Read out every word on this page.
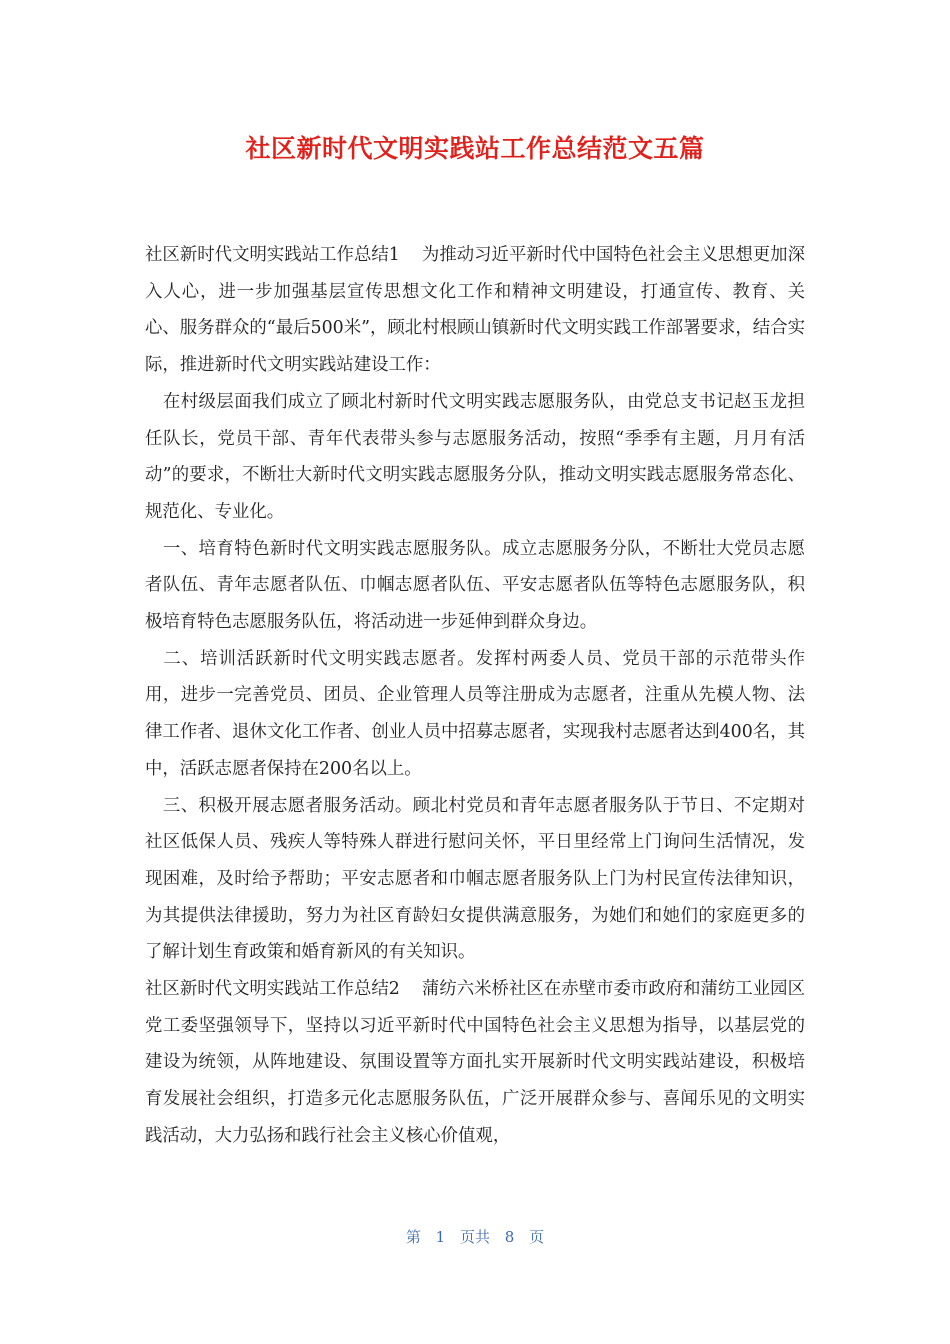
社区新时代文明实践站工作总结范文五篇

社区新时代文明实践站工作总结1 为推动习近平新时代中国特色社会主义思想更加深入人心，进一步加强基层宣传思想文化工作和精神文明建设，打通宣传、教育、关心、服务群众的“最后500米”，顾北村根顾山镇新时代文明实践工作部署要求，结合实际，推进新时代文明实践站建设工作：

　在村级层面我们成立了顾北村新时代文明实践志愿服务队，由党总支书记赵玉龙担任队长，党员干部、青年代表带头参与志愿服务活动，按照“季季有主题，月月有活动”的要求，不断壮大新时代文明实践志愿服务分队，推动文明实践志愿服务常态化、规范化、专业化。

　一、培育特色新时代文明实践志愿服务队。成立志愿服务分队，不断壮大党员志愿者队伍、青年志愿者队伍、巾帼志愿者队伍、平安志愿者队伍等特色志愿服务队，积极培育特色志愿服务队伍，将活动进一步延伸到群众身边。

　二、培训活跃新时代文明实践志愿者。发挥村两委人员、党员干部的示范带头作用，进步一完善党员、团员、企业管理人员等注册成为志愿者，注重从先模人物、法律工作者、退休文化工作者、创业人员中招募志愿者，实现我村志愿者达到400名，其中，活跃志愿者保持在200名以上。

　三、积极开展志愿者服务活动。顾北村党员和青年志愿者服务队于节日、不定期对社区低保人员、残疾人等特殊人群进行慰问关怀，平日里经常上门询问生活情况，发现困难，及时给予帮助；平安志愿者和巾帼志愿者服务队上门为村民宣传法律知识，为其提供法律援助，努力为社区育龄妇女提供满意服务，为她们和她们的家庭更多的了解计划生育政策和婚育新风的有关知识。

社区新时代文明实践站工作总结2 蒲纺六米桥社区在赤壁市委市政府和蒲纺工业园区党工委坚强领导下，坚持以习近平新时代中国特色社会主义思想为指导，以基层党的建设为统领，从阵地建设、氛围设置等方面扎实开展新时代文明实践站建设，积极培育发展社会组织，打造多元化志愿服务队伍，广泛开展群众参与、喜闻乐见的文明实践活动，大力弘扬和践行社会主义核心价值观，

第 1 页共 8 页
